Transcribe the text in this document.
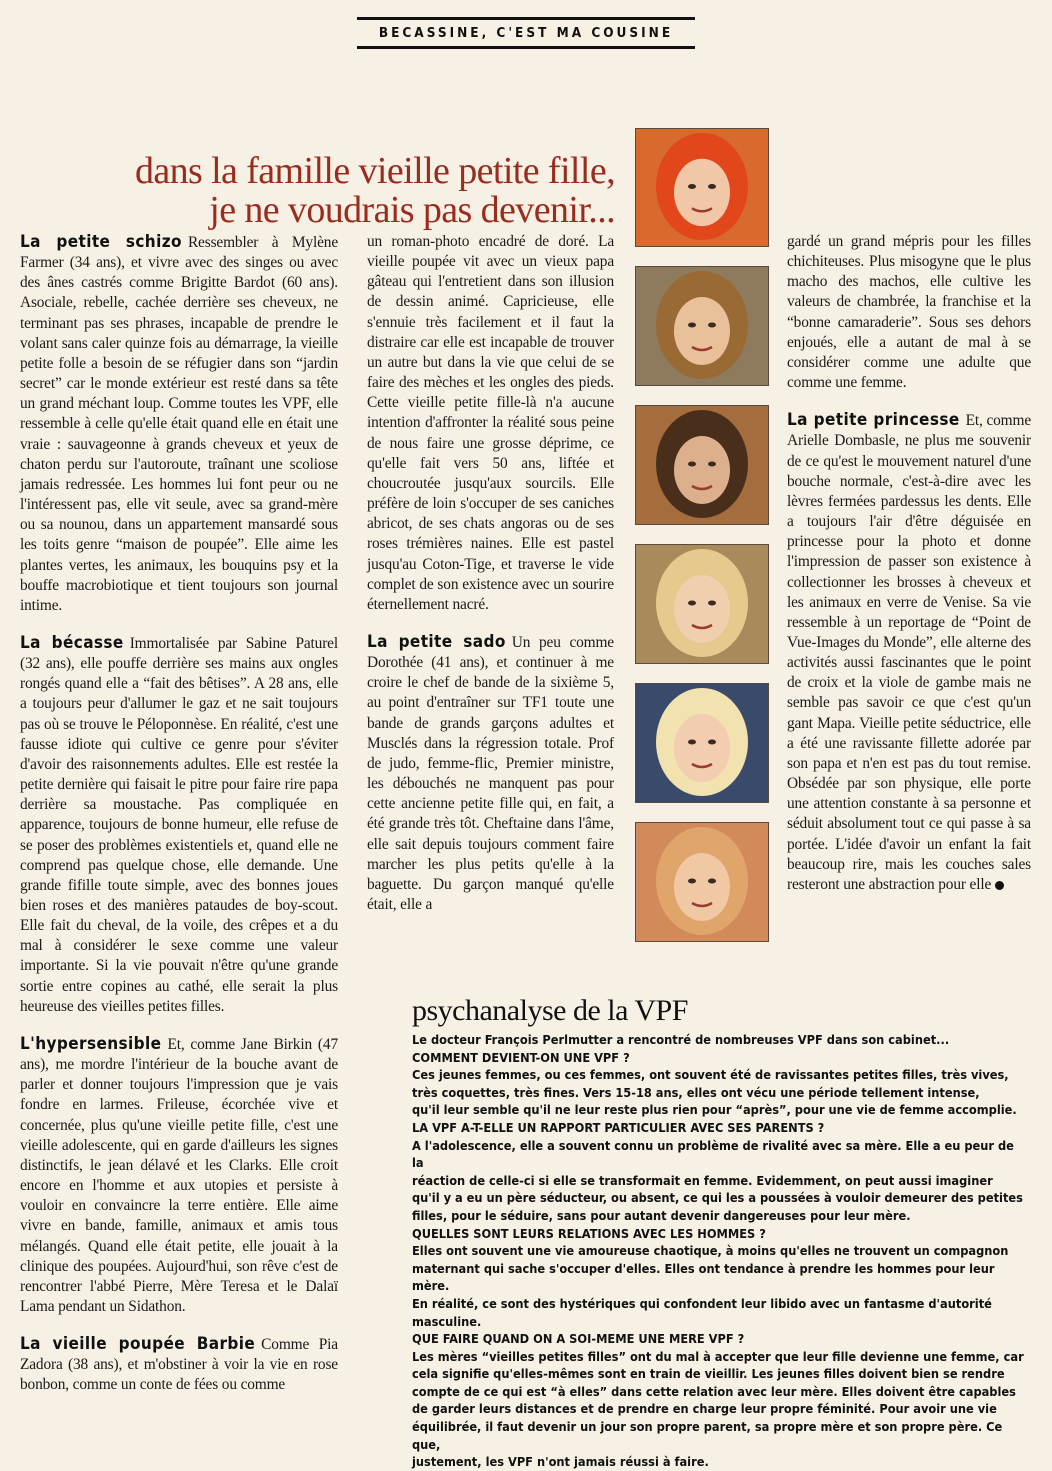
BECASSINE, C'EST MA COUSINE
dans la famille vieille petite fille,
je ne voudrais pas devenir...

La petite schizo Ressembler à Mylène Farmer (34 ans), et vivre avec des singes ou avec des ânes castrés comme Brigitte Bardot (60 ans). Asociale, rebelle, cachée derrière ses cheveux, ne terminant pas ses phrases, incapable de prendre le volant sans caler quinze fois au démarrage, la vieille petite folle a besoin de se réfugier dans son “jardin secret” car le monde extérieur est resté dans sa tête un grand méchant loup. Comme toutes les VPF, elle ressemble à celle qu'elle était quand elle en était une vraie : sauvageonne à grands cheveux et yeux de chaton perdu sur l'autoroute, traînant une scoliose jamais redressée. Les hommes lui font peur ou ne l'intéressent pas, elle vit seule, avec sa grand-mère ou sa nounou, dans un appartement mansardé sous les toits genre “maison de poupée”. Elle aime les plantes vertes, les animaux, les bouquins psy et la bouffe macrobiotique et tient toujours son journal intime.

La bécasse Immortalisée par Sabine Paturel (32 ans), elle pouffe derrière ses mains aux ongles rongés quand elle a “fait des bêtises”. A 28 ans, elle a toujours peur d'allumer le gaz et ne sait toujours pas où se trouve le Péloponnèse. En réalité, c'est une fausse idiote qui cultive ce genre pour s'éviter d'avoir des raisonnements adultes. Elle est restée la petite dernière qui faisait le pitre pour faire rire papa derrière sa moustache. Pas compliquée en apparence, toujours de bonne humeur, elle refuse de se poser des problèmes existentiels et, quand elle ne comprend pas quelque chose, elle demande. Une grande fifille toute simple, avec des bonnes joues bien roses et des manières pataudes de boy-scout. Elle fait du cheval, de la voile, des crêpes et a du mal à considérer le sexe comme une valeur importante. Si la vie pouvait n'être qu'une grande sortie entre copines au cathé, elle serait la plus heureuse des vieilles petites filles.

L'hypersensible Et, comme Jane Birkin (47 ans), me mordre l'intérieur de la bouche avant de parler et donner toujours l'impression que je vais fondre en larmes. Frileuse, écorchée vive et concernée, plus qu'une vieille petite fille, c'est une vieille adolescente, qui en garde d'ailleurs les signes distinctifs, le jean délavé et les Clarks. Elle croit encore en l'homme et aux utopies et persiste à vouloir en convaincre la terre entière. Elle aime vivre en bande, famille, animaux et amis tous mélangés. Quand elle était petite, elle jouait à la clinique des poupées. Aujourd'hui, son rêve c'est de rencontrer l'abbé Pierre, Mère Teresa et le Dalaï Lama pendant un Sidathon.

La vieille poupée Barbie Comme Pia Zadora (38 ans), et m'obstiner à voir la vie en rose bonbon, comme un conte de fées ou comme

un roman-photo encadré de doré. La vieille poupée vit avec un vieux papa gâteau qui l'entretient dans son illusion de dessin animé. Capricieuse, elle s'ennuie très facilement et il faut la distraire car elle est incapable de trouver un autre but dans la vie que celui de se faire des mèches et les ongles des pieds. Cette vieille petite fille-là n'a aucune intention d'affronter la réalité sous peine de nous faire une grosse déprime, ce qu'elle fait vers 50 ans, liftée et choucroutée jusqu'aux sourcils. Elle préfère de loin s'occuper de ses caniches abricot, de ses chats angoras ou de ses roses trémières naines. Elle est pastel jusqu'au Coton-Tige, et traverse le vide complet de son existence avec un sourire éternellement nacré.

La petite sado Un peu comme Dorothée (41 ans), et continuer à me croire le chef de bande de la sixième 5, au point d'entraîner sur TF1 toute une bande de grands garçons adultes et Musclés dans la régression totale. Prof de judo, femme-flic, Premier ministre, les débouchés ne manquent pas pour cette ancienne petite fille qui, en fait, a été grande très tôt. Cheftaine dans l'âme, elle sait depuis toujours comment faire marcher les plus petits qu'elle à la baguette. Du garçon manqué qu'elle était, elle a

gardé un grand mépris pour les filles chichiteuses. Plus misogyne que le plus macho des machos, elle cultive les valeurs de chambrée, la franchise et la “bonne camaraderie”. Sous ses dehors enjoués, elle a autant de mal à se considérer comme une adulte que comme une femme.

La petite princesse Et, comme Arielle Dombasle, ne plus me souvenir de ce qu'est le mouvement naturel d'une bouche normale, c'est-à-dire avec les lèvres fermées pardessus les dents. Elle a toujours l'air d'être déguisée en princesse pour la photo et donne l'impression de passer son existence à collectionner les brosses à cheveux et les animaux en verre de Venise. Sa vie ressemble à un reportage de “Point de Vue-Images du Monde”, elle alterne des activités aussi fascinantes que le point de croix et la viole de gambe mais ne semble pas savoir ce que c'est qu'un gant Mapa. Vieille petite séductrice, elle a été une ravissante fillette adorée par son papa et n'en est pas du tout remise. Obsédée par son physique, elle porte une attention constante à sa personne et séduit absolument tout ce qui passe à sa portée. L'idée d'avoir un enfant la fait beaucoup rire, mais les couches sales resteront une abstraction pour elle

psychanalyse de la VPF

Le docteur François Perlmutter a rencontré de nombreuses VPF dans son cabinet...

COMMENT DEVIENT-ON UNE VPF ?

Ces jeunes femmes, ou ces femmes, ont souvent été de ravissantes petites filles, très vives,

très coquettes, très fines. Vers 15-18 ans, elles ont vécu une période tellement intense,

qu'il leur semble qu'il ne leur reste plus rien pour “après”, pour une vie de femme accomplie.

LA VPF A-T-ELLE UN RAPPORT PARTICULIER AVEC SES PARENTS ?

A l'adolescence, elle a souvent connu un problème de rivalité avec sa mère. Elle a eu peur de la

réaction de celle-ci si elle se transformait en femme. Evidemment, on peut aussi imaginer

qu'il y a eu un père séducteur, ou absent, ce qui les a poussées à vouloir demeurer des petites

filles, pour le séduire, sans pour autant devenir dangereuses pour leur mère.

QUELLES SONT LEURS RELATIONS AVEC LES HOMMES ?

Elles ont souvent une vie amoureuse chaotique, à moins qu'elles ne trouvent un compagnon

maternant qui sache s'occuper d'elles. Elles ont tendance à prendre les hommes pour leur mère.

En réalité, ce sont des hystériques qui confondent leur libido avec un fantasme d'autorité masculine.

QUE FAIRE QUAND ON A SOI-MEME UNE MERE VPF ?

Les mères “vieilles petites filles” ont du mal à accepter que leur fille devienne une femme, car

cela signifie qu'elles-mêmes sont en train de vieillir. Les jeunes filles doivent bien se rendre

compte de ce qui est “à elles” dans cette relation avec leur mère. Elles doivent être capables

de garder leurs distances et de prendre en charge leur propre féminité. Pour avoir une vie

équilibrée, il faut devenir un jour son propre parent, sa propre mère et son propre père. Ce que,

justement, les VPF n'ont jamais réussi à faire.
